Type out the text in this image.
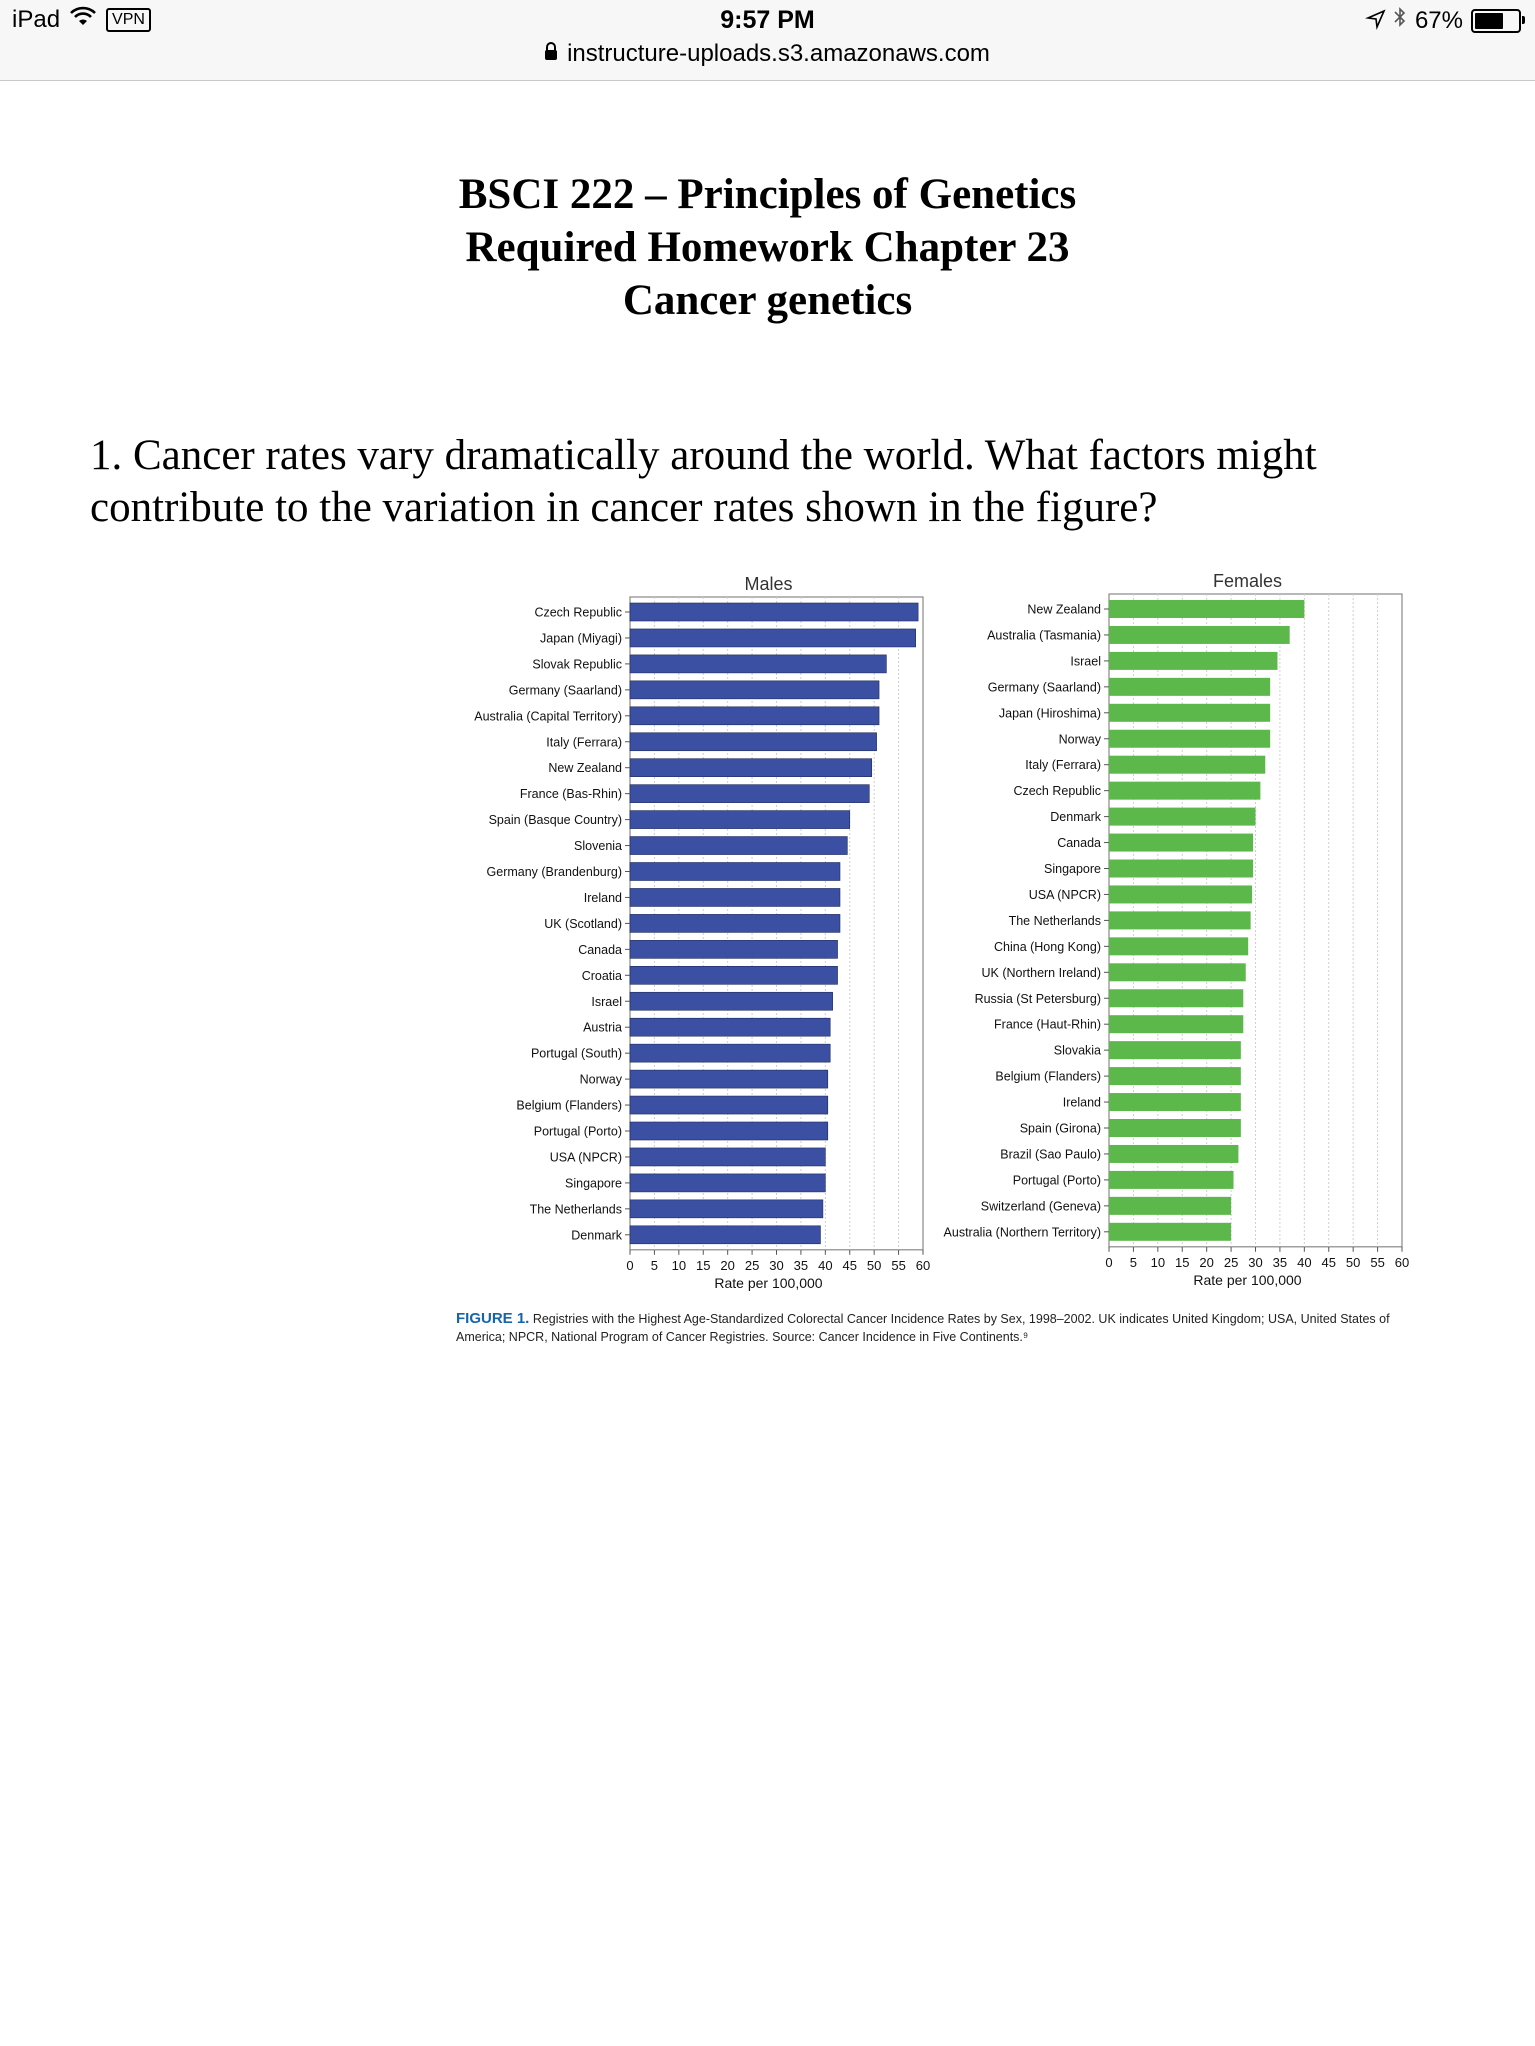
iPad	VPN	9:57 PM	67%
instructure-uploads.s3.amazonaws.com
BSCI 222 – Principles of Genetics
Required Homework Chapter 23
Cancer genetics
1. Cancer rates vary dramatically around the world. What factors might
contribute to the variation in cancer rates shown in the figure?
Czech Republic
Japan (Miyagi)
Slovak Republic
Germany (Saarland)
Australia (Capital Territory)
Italy (Ferrara)
New Zealand
France (Bas-Rhin)
Spain (Basque Country)
Slovenia
Germany (Brandenburg)
Ireland
UK (Scotland)
Canada
Croatia
Israel
Austria
Portugal (South)
Norway
Belgium (Flanders)
Portugal (Porto)
USA (NPCR)
Singapore
The Netherlands
Denmark
0 5 10 15 20 25 30 35 40 45 50 55 60
Rate per 100,000
Males
New Zealand
Australia (Tasmania)
Israel
Germany (Saarland)
Japan (Hiroshima)
Norway
Italy (Ferrara)
Czech Republic
Denmark
Canada
Singapore
USA (NPCR)
The Netherlands
China (Hong Kong)
UK (Northern Ireland)
Russia (St Petersburg)
France (Haut-Rhin)
Slovakia
Belgium (Flanders)
Ireland
Spain (Girona)
Brazil (Sao Paulo)
Portugal (Porto)
Switzerland (Geneva)
Australia (Northern Territory)
0 5 10 15 20 25 30 35 40 45 50 55 60
Rate per 100,000
Females
FIGURE 1. Registries with the Highest Age-Standardized Colorectal Cancer Incidence Rates by Sex, 1998–2002. UK indicates United Kingdom; USA, United States of America; NPCR, National Program of Cancer Registries. Source: Cancer Incidence in Five Continents.⁹
